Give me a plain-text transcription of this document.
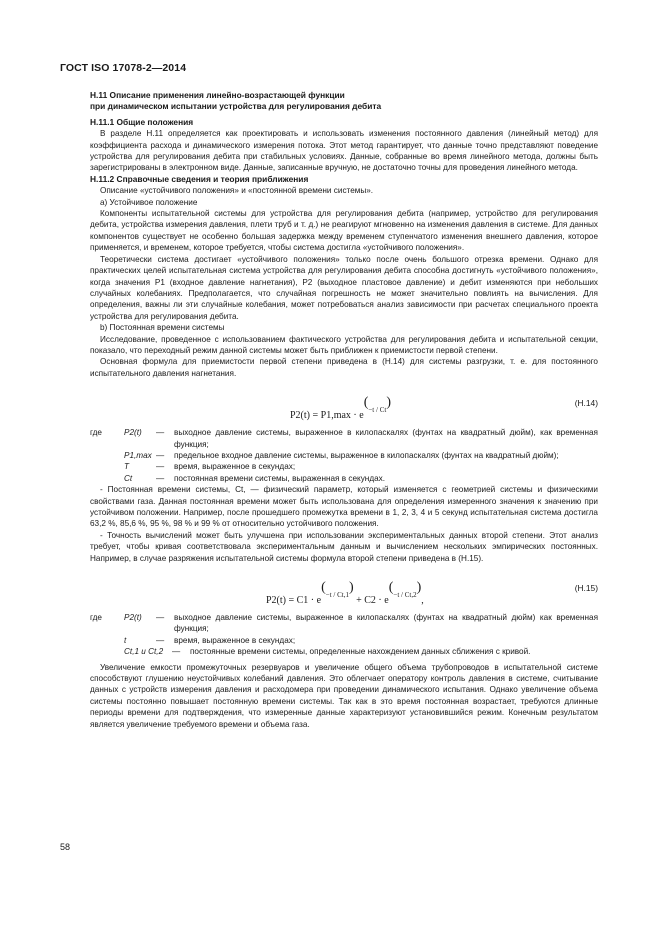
ГОСТ ISO 17078-2—2014

Н.11 Описание применения линейно-возрастающей функции

при динамическом испытании устройства для регулирования дебита

Н.11.1 Общие положения

В разделе Н.11 определяется как проектировать и использовать изменения постоянного давления (линейный метод) для коэффициента расхода и динамического измерения потока. Этот метод гарантирует, что данные точно представляют поведение устройства для регулирования дебита при стабильных условиях. Данные, собранные во время линейного метода, должны быть зарегистрированы в электронном виде. Данные, записанные вручную, не достаточно точны для проведения линейного метода.

Н.11.2 Справочные сведения и теория приближения

Описание «устойчивого положения» и «постоянной времени системы».

а) Устойчивое положение

Компоненты испытательной системы для устройства для регулирования дебита (например, устройство для регулирования дебита, устройства измерения давления, плети труб и т. д.) не реагируют мгновенно на изменения давления в системе. Для данных компонентов существует не особенно большая задержка между временем ступенчатого изменения внешнего давления, которое применяется, и временем, которое требуется, чтобы система достигла «устойчивого положения».

Теоретически система достигает «устойчивого положения» только после очень большого отрезка времени. Однако для практических целей испытательная система устройства для регулирования дебита способна достигнуть «устойчивого положения», когда значения P1 (входное давление нагнетания), P2 (выходное пластовое давление) и дебит изменяются при небольших случайных колебаниях. Предполагается, что случайная погрешность не может значительно повлиять на вычисления. Для определения, важны ли эти случайные колебания, может потребоваться анализ зависимости при расчетах специального проекта устройства для регулирования дебита.

b) Постоянная времени системы

Исследование, проведенное с использованием фактического устройства для регулирования дебита и испытательной секции, показало, что переходный режим данной системы может быть приближен к приемистости первой степени.

Основная формула для приемистости первой степени приведена в (Н.14) для системы разгрузки, т. е. для постоянного испытательного давления нагнетания.

$P2(t) = P1,\max \cdot e^{(-t / Ct)}$	(Н.14)
где	P2(t)	—	выходное давление системы, выраженное в килопаскалях (фунтах на квадратный дюйм), как временная функция;
P1,max —	предельное входное давление системы, выраженное в килопаскалях (фунтах на квадратный дюйм);
T	—	время, выраженное в секундах;
Ct	—	постоянная времени системы, выраженная в секундах.

- Постоянная времени системы, Ct, — физический параметр, который изменяется с геометрией системы и физическими свойствами газа. Данная постоянная времени может быть использована для определения измеренного значения к значению при устойчивом положении. Например, после прошедшего промежутка времени в 1, 2, 3, 4 и 5 секунд испытательная система достигла 63,2 %, 85,6 %, 95 %, 98 % и 99 % от относительно устойчивого положения.

- Точность вычислений может быть улучшена при использовании экспериментальных данных второй степени. Этот анализ требует, чтобы кривая соответствовала экспериментальным данным и вычислением нескольких эмпирических постоянных. Например, в случае разряжения испытательной системы формула второй степени приведена в (Н.15).

$P2(t) = C1 \cdot e^{(-t / Ct,1)} + C2 \cdot e^{(-t / Ct,2)}$,
(Н.15)
где	P2(t)	—	выходное давление системы, выраженное в килопаскалях (фунтах на квадратный дюйм) как временная функция;
t	—	время, выраженное в секундах;
Ct,1 и Ct,2	—	постоянные времени системы, определенные нахождением данных сближения с кривой.

Увеличение емкости промежуточных резервуаров и увеличение общего объема трубопроводов в испытательной системе способствуют глушению неустойчивых колебаний давления. Это облегчает оператору контроль давления в системе, считывание данных с устройств измерения давления и расходомера при проведении динамического испытания. Однако увеличение объема системы постоянно повышает постоянную времени системы. Так как в это время постоянная возрастает, требуются длинные периоды времени для подтверждения, что измеренные данные характеризуют установившийся режим. Конечным результатом является увеличение требуемого времени и объема газа.

58
